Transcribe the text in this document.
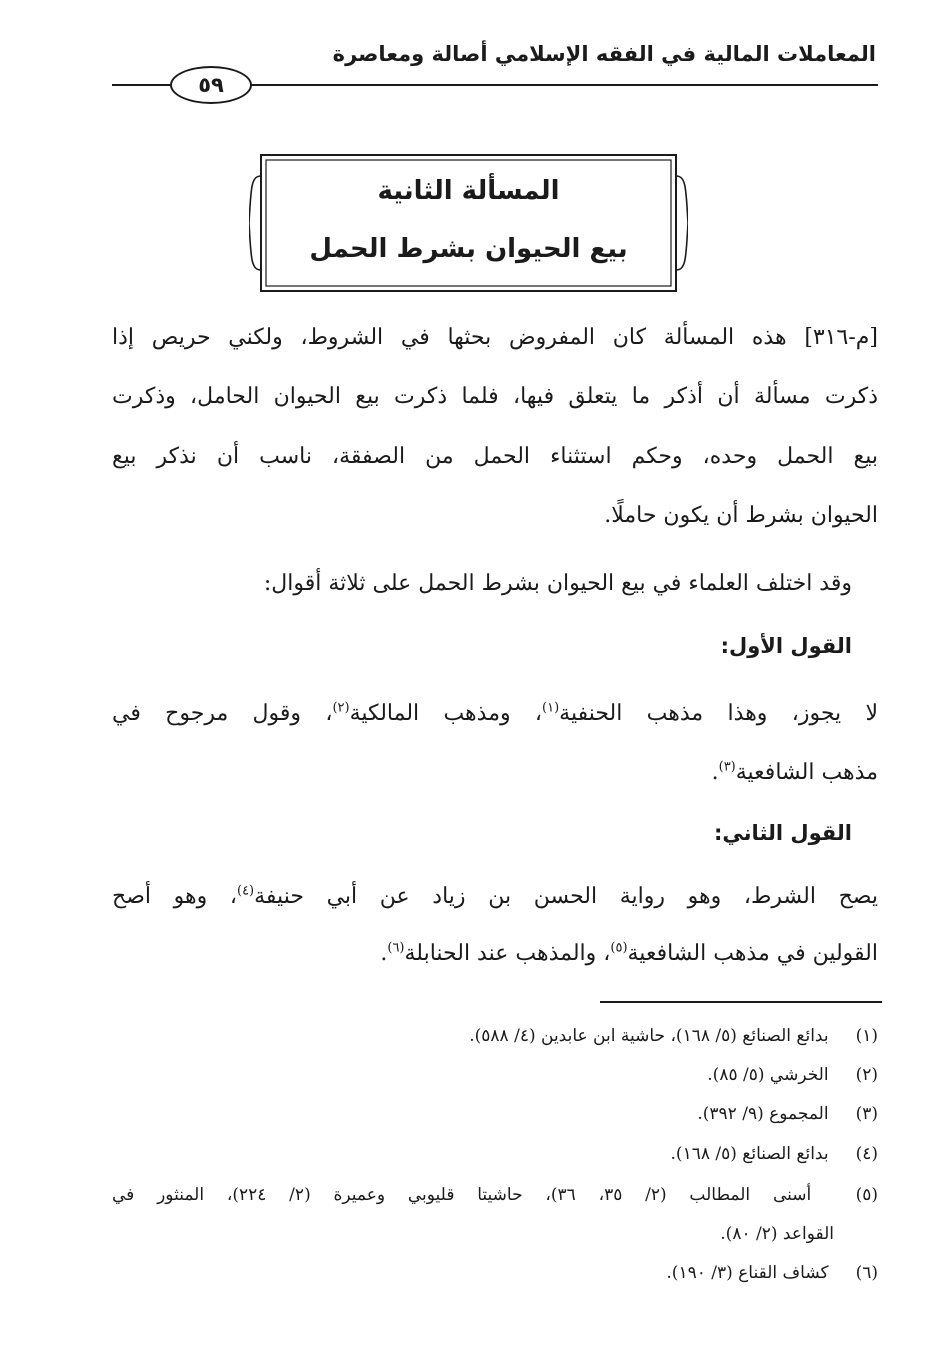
المعاملات المالية في الفقه الإسلامي أصالة ومعاصرة
٥٩
المسألة الثانية
بيع الحيوان بشرط الحمل
[م-٣١٦] هذه المسألة كان المفروض بحثها في الشروط، ولكني حريص إذا
ذكرت مسألة أن أذكر ما يتعلق فيها، فلما ذكرت بيع الحيوان الحامل، وذكرت
بيع الحمل وحده، وحكم استثناء الحمل من الصفقة، ناسب أن نذكر بيع
الحيوان بشرط أن يكون حاملًا.
وقد اختلف العلماء في بيع الحيوان بشرط الحمل على ثلاثة أقوال:
القول الأول:
لا يجوز، وهذا مذهب الحنفية$^{(١)}$، ومذهب المالكية$^{(٢)}$، وقول مرجوح في
مذهب الشافعية$^{(٣)}$.
القول الثاني:
يصح الشرط، وهو رواية الحسن بن زياد عن أبي حنيفة$^{(٤)}$، وهو أصح
القولين في مذهب الشافعية$^{(٥)}$، والمذهب عند الحنابلة$^{(٦)}$.
(١) بدائع الصنائع (٥/ ١٦٨)، حاشية ابن عابدين (٤/ ٥٨٨).
(٢) الخرشي (٥/ ٨٥).
(٣) المجموع (٩/ ٣٩٢).
(٤) بدائع الصنائع (٥/ ١٦٨).
(٥) أسنى المطالب (٢/ ٣٥، ٣٦)، حاشيتا قليوبي وعميرة (٢/ ٢٢٤)، المنثور في
القواعد (٢/ ٨٠).
(٦) كشاف القناع (٣/ ١٩٠).
